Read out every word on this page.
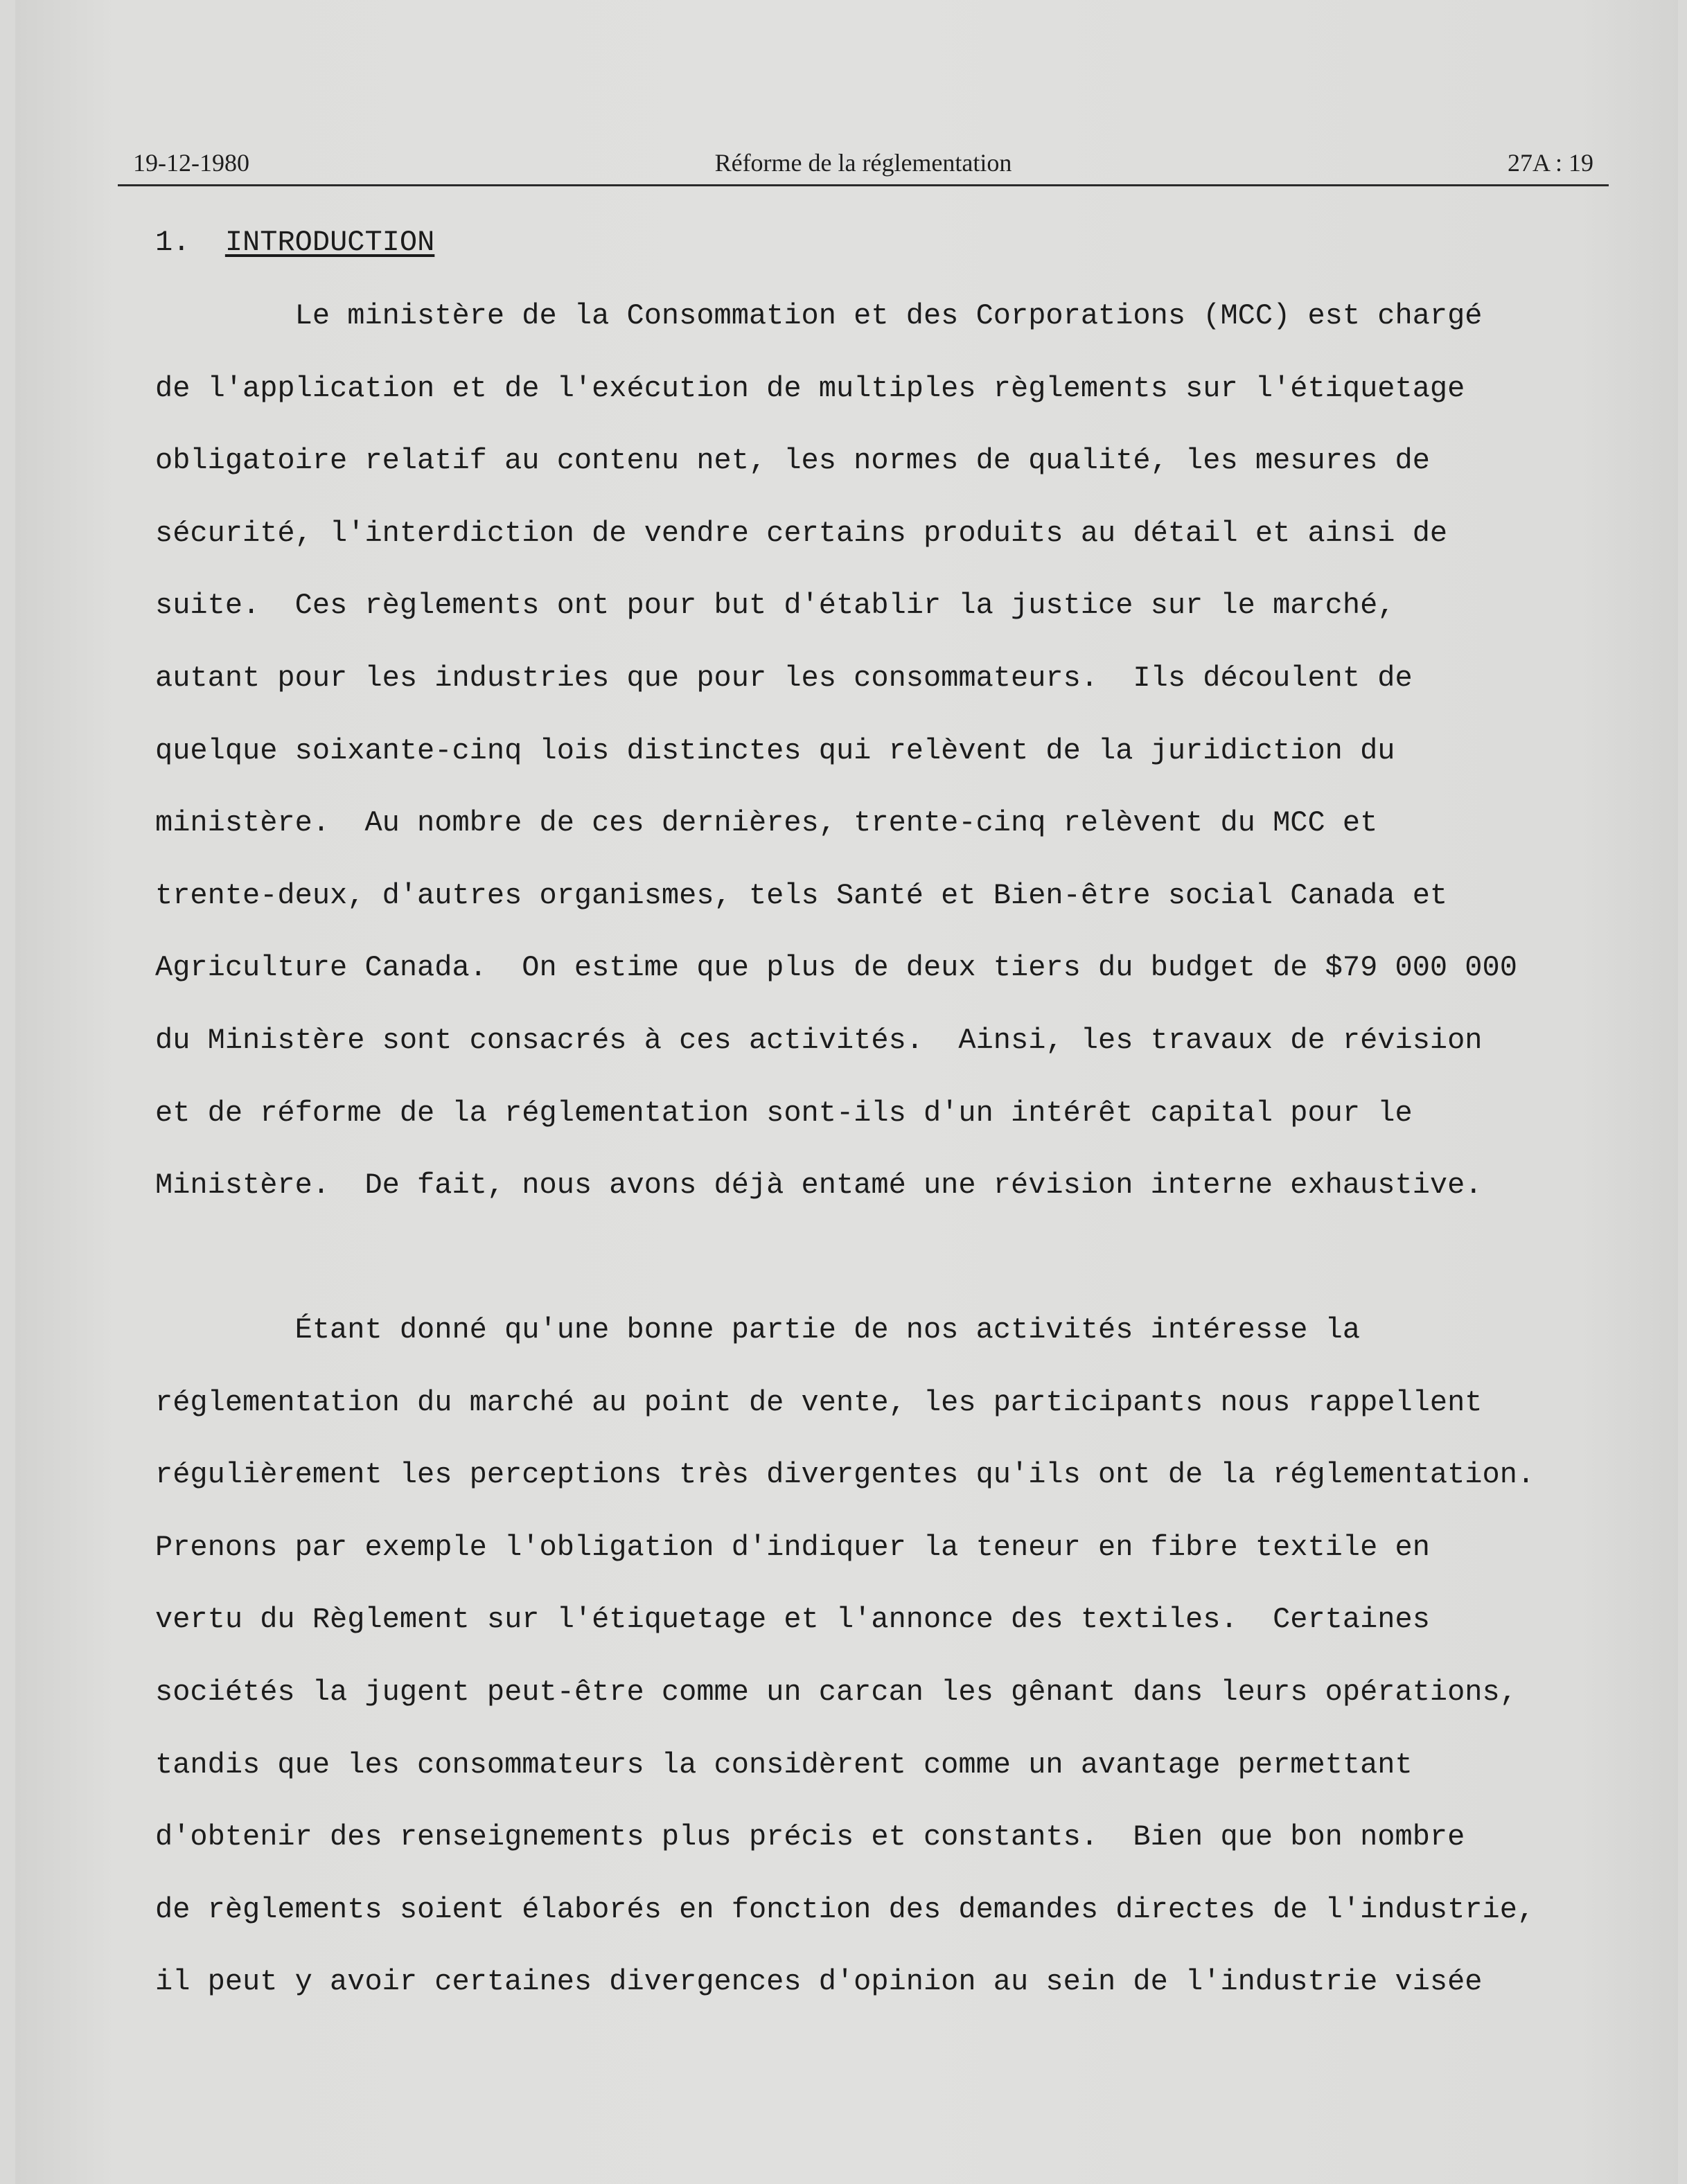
19-12-1980	Réforme de la réglementation	27A : 19
1. INTRODUCTION
Le ministère de la Consommation et des Corporations (MCC) est chargé
de l'application et de l'exécution de multiples règlements sur l'étiquetage
obligatoire relatif au contenu net, les normes de qualité, les mesures de
sécurité, l'interdiction de vendre certains produits au détail et ainsi de
suite.  Ces règlements ont pour but d'établir la justice sur le marché,
autant pour les industries que pour les consommateurs.  Ils découlent de
quelque soixante-cinq lois distinctes qui relèvent de la juridiction du
ministère.  Au nombre de ces dernières, trente-cinq relèvent du MCC et
trente-deux, d'autres organismes, tels Santé et Bien-être social Canada et
Agriculture Canada.  On estime que plus de deux tiers du budget de $79 000 000
du Ministère sont consacrés à ces activités.  Ainsi, les travaux de révision
et de réforme de la réglementation sont-ils d'un intérêt capital pour le
Ministère.  De fait, nous avons déjà entamé une révision interne exhaustive.
Étant donné qu'une bonne partie de nos activités intéresse la
réglementation du marché au point de vente, les participants nous rappellent
régulièrement les perceptions très divergentes qu'ils ont de la réglementation.
Prenons par exemple l'obligation d'indiquer la teneur en fibre textile en
vertu du Règlement sur l'étiquetage et l'annonce des textiles.  Certaines
sociétés la jugent peut-être comme un carcan les gênant dans leurs opérations,
tandis que les consommateurs la considèrent comme un avantage permettant
d'obtenir des renseignements plus précis et constants.  Bien que bon nombre
de règlements soient élaborés en fonction des demandes directes de l'industrie,
il peut y avoir certaines divergences d'opinion au sein de l'industrie visée
